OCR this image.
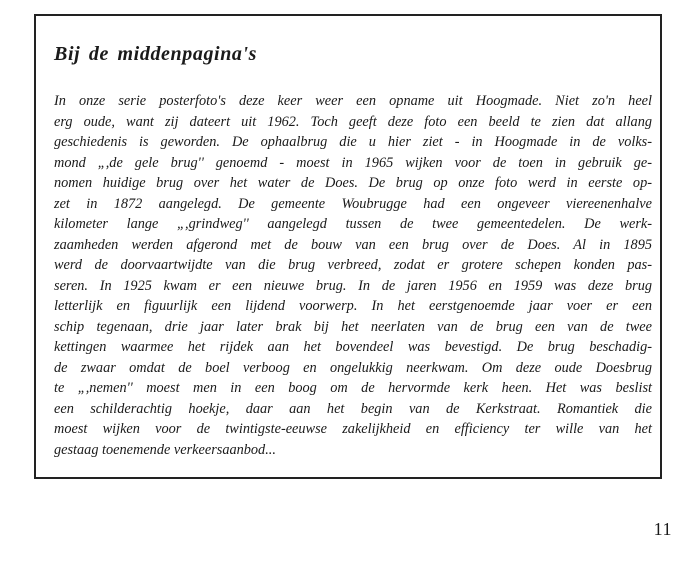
Bij de middenpagina's
In onze serie posterfoto's deze keer weer een opname uit Hoogmade. Niet zo'n heel
erg oude, want zij dateert uit 1962. Toch geeft deze foto een beeld te zien dat allang
geschiedenis is geworden. De ophaalbrug die u hier ziet - in Hoogmade in de volks-
mond „,de gele brug'' genoemd - moest in 1965 wijken voor de toen in gebruik ge-
nomen huidige brug over het water de Does. De brug op onze foto werd in eerste op-
zet in 1872 aangelegd. De gemeente Woubrugge had een ongeveer viereenenhalve
kilometer lange „,grindweg'' aangelegd tussen de twee gemeentedelen. De werk-
zaamheden werden afgerond met de bouw van een brug over de Does. Al in 1895
werd de doorvaartwijdte van die brug verbreed, zodat er grotere schepen konden pas-
seren. In 1925 kwam er een nieuwe brug. In de jaren 1956 en 1959 was deze brug
letterlijk en figuurlijk een lijdend voorwerp. In het eerstgenoemde jaar voer er een
schip tegenaan, drie jaar later brak bij het neerlaten van de brug een van de twee
kettingen waarmee het rijdek aan het bovendeel was bevestigd. De brug beschadig-
de zwaar omdat de boel verboog en ongelukkig neerkwam. Om deze oude Doesbrug
te „,nemen'' moest men in een boog om de hervormde kerk heen. Het was beslist
een schilderachtig hoekje, daar aan het begin van de Kerkstraat. Romantiek die
moest wijken voor de twintigste-eeuwse zakelijkheid en efficiency ter wille van het
gestaag toenemende verkeersaanbod...
11
